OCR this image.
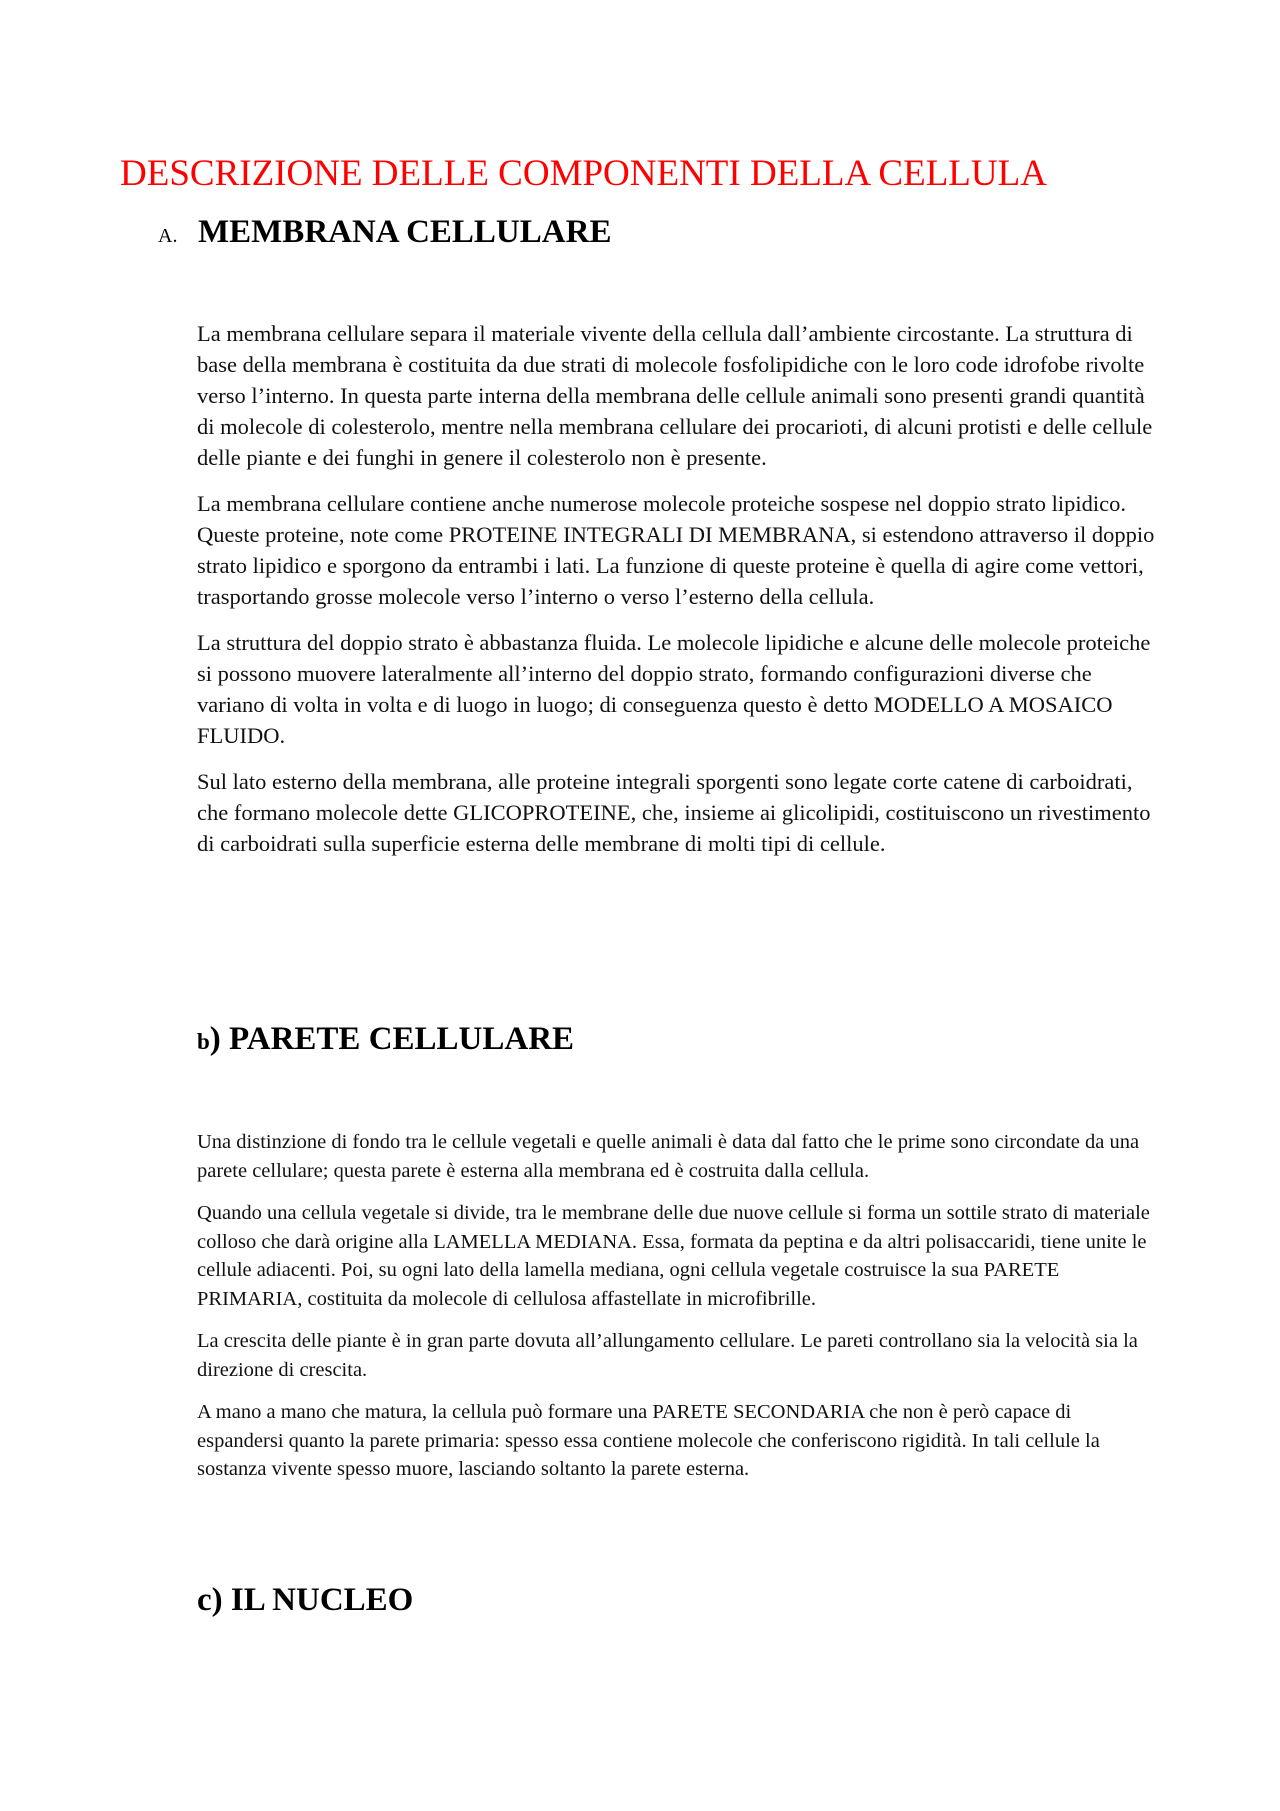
DESCRIZIONE DELLE COMPONENTI DELLA CELLULA
A. MEMBRANA CELLULARE

La membrana cellulare separa il materiale vivente della cellula dall’ambiente circostante. La struttura di base della membrana è costituita da due strati di molecole fosfolipidiche con le loro code idrofobe rivolte verso l’interno. In questa parte interna della membrana delle cellule animali sono presenti grandi quantità di molecole di colesterolo, mentre nella membrana cellulare dei procarioti, di alcuni protisti e delle cellule delle piante e dei funghi in genere il colesterolo non è presente.

La membrana cellulare contiene anche numerose molecole proteiche sospese nel doppio strato lipidico. Queste proteine, note come PROTEINE INTEGRALI DI MEMBRANA, si estendono attraverso il doppio strato lipidico e sporgono da entrambi i lati. La funzione di queste proteine è quella di agire come vettori, trasportando grosse molecole verso l’interno o verso l’esterno della cellula.

La struttura del doppio strato è abbastanza fluida. Le molecole lipidiche e alcune delle molecole proteiche si possono muovere lateralmente all’interno del doppio strato, formando configurazioni diverse che variano di volta in volta e di luogo in luogo; di conseguenza questo è detto MODELLO A MOSAICO FLUIDO.

Sul lato esterno della membrana, alle proteine integrali sporgenti sono legate corte catene di carboidrati, che formano molecole dette GLICOPROTEINE, che, insieme ai glicolipidi, costituiscono un rivestimento di carboidrati sulla superficie esterna delle membrane di molti tipi di cellule.

b) PARETE CELLULARE

Una distinzione di fondo tra le cellule vegetali e quelle animali è data dal fatto che le prime sono circondate da una parete cellulare; questa parete è esterna alla membrana ed è costruita dalla cellula.

Quando una cellula vegetale si divide, tra le membrane delle due nuove cellule si forma un sottile strato di materiale colloso che darà origine alla LAMELLA MEDIANA. Essa, formata da peptina e da altri polisaccaridi, tiene unite le cellule adiacenti. Poi, su ogni lato della lamella mediana, ogni cellula vegetale costruisce la sua PARETE PRIMARIA, costituita da molecole di cellulosa affastellate in microfibrille.

La crescita delle piante è in gran parte dovuta all’allungamento cellulare. Le pareti controllano sia la velocità sia la direzione di crescita.

A mano a mano che matura, la cellula può formare una PARETE SECONDARIA che non è però capace di espandersi quanto la parete primaria: spesso essa contiene molecole che conferiscono rigidità. In tali cellule la sostanza vivente spesso muore, lasciando soltanto la parete esterna.

c) IL NUCLEO
